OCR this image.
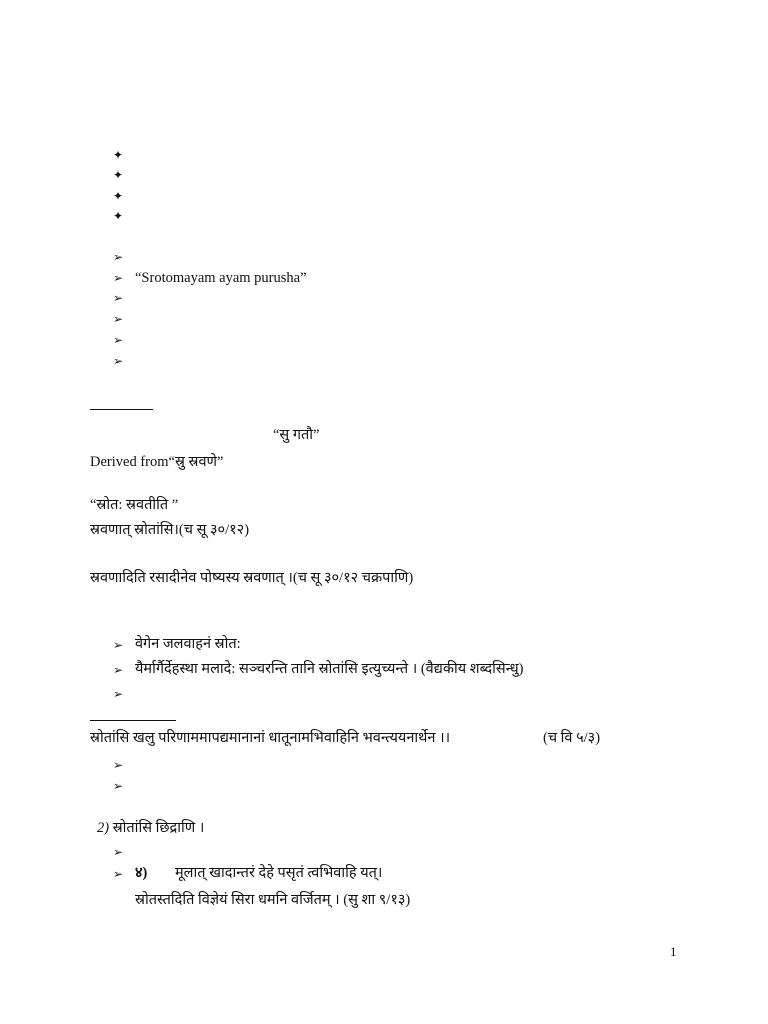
✦
✦
✦
✦
➢
➢ “Srotomayam ayam purusha”
➢
➢
➢
➢
“सु गतौ”
Derived from“स्रु स्रवणे”
“स्रोत: स्रवतीति ”
स्रवणात् स्रोतांसि।(च सू ३०/१२)
स्रवणादिति रसादीनेव पोष्यस्य स्रवणात् ।(च सू ३०/१२ चक्रपाणि)
➢ वेगेन जलवाहनं स्रोत:
➢ यैर्मार्गैर्देहस्था मलादे: सञ्चरन्ति तानि स्रोतांसि इत्युच्यन्ते । (वैद्यकीय शब्दसिन्धु)
➢
स्रोतांसि खलु परिणाममापद्यमानानां धातूनामभिवाहिनि भवन्त्ययनार्थेन ।।	(च वि ५/३)
➢
➢
2) स्रोतांसि छिद्राणि ।
➢
➢ ४) मूलात् खादान्तरं देहे पसृतं त्वभिवाहि यत्।
स्रोतस्तदिति विज्ञेयं सिरा धमनि वर्जितम् । (सु शा ९/१३)
1
